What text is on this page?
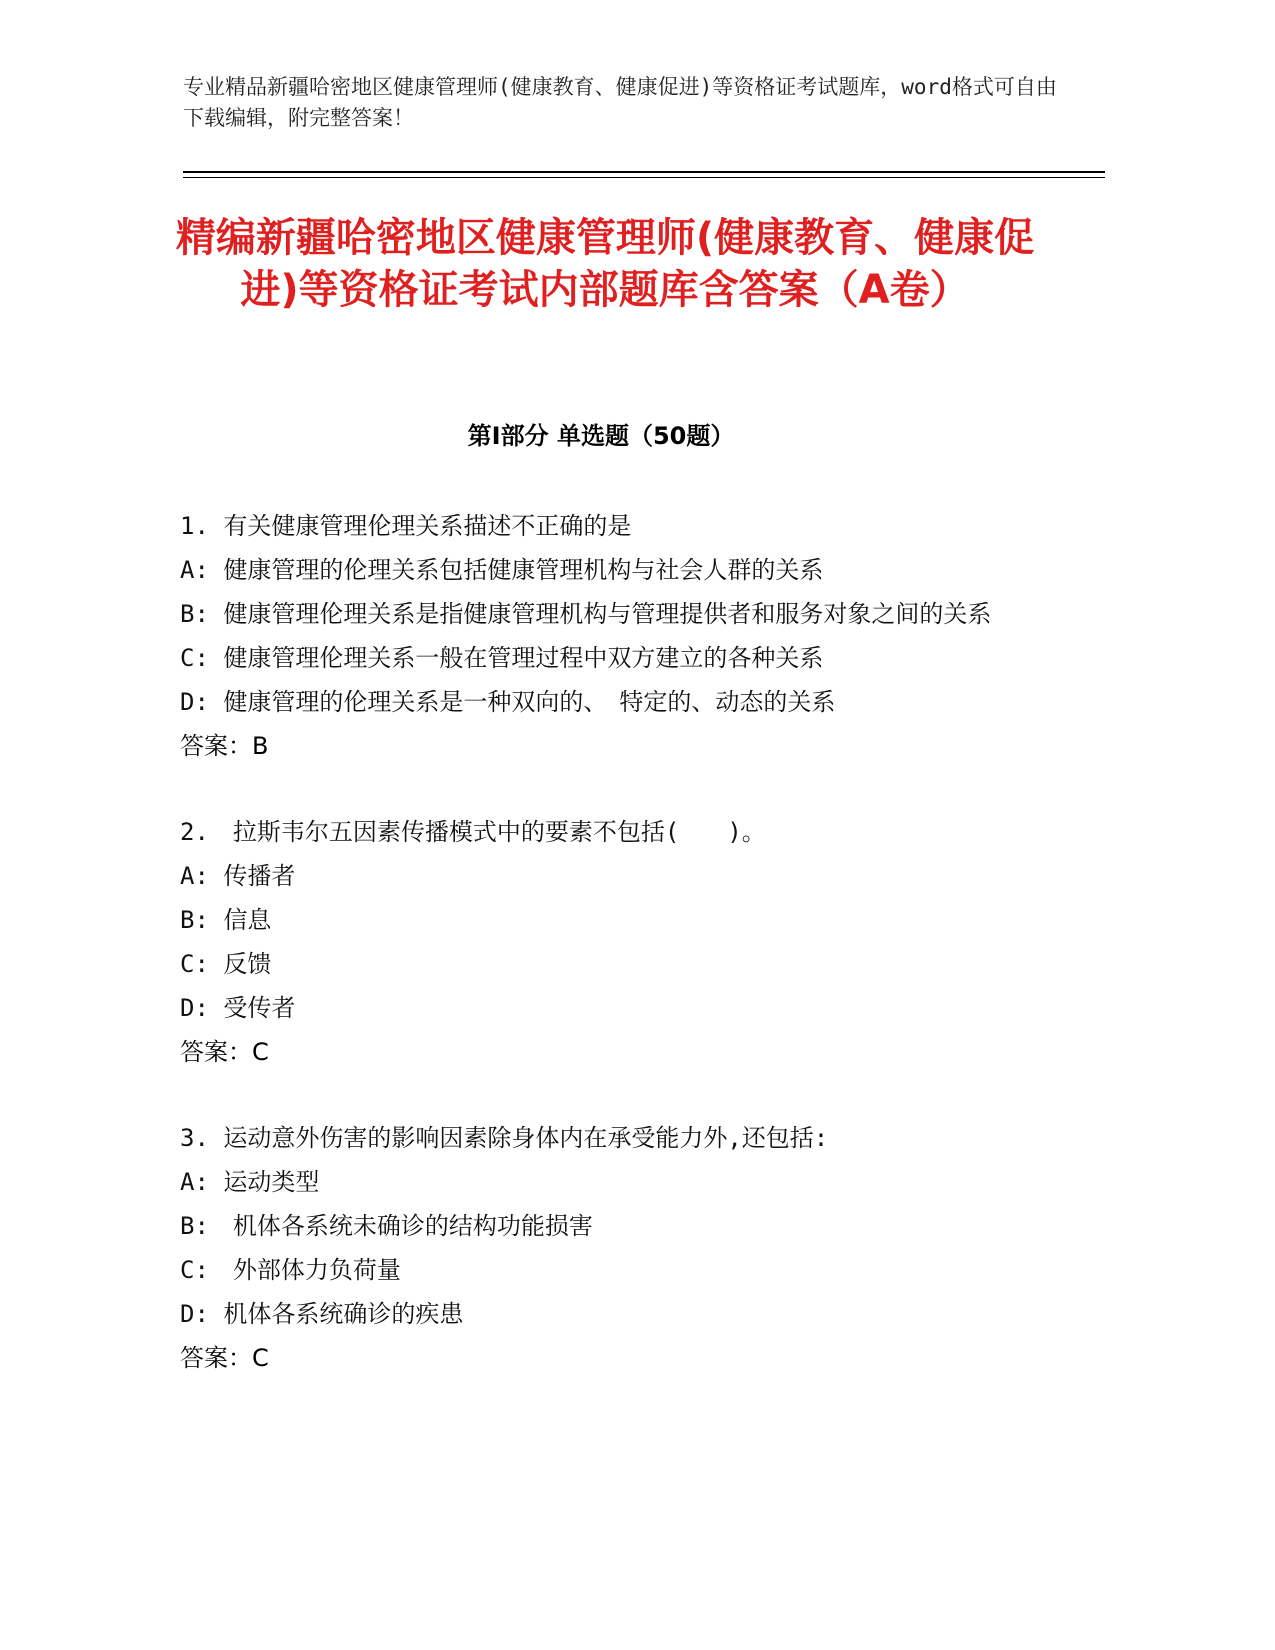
专业精品新疆哈密地区健康管理师(健康教育、健康促进)等资格证考试题库，word格式可自由下载编辑，附完整答案！
精编新疆哈密地区健康管理师(健康教育、健康促进)等资格证考试内部题库含答案（A卷）
第Ⅰ部分 单选题（50题）

1. 有关健康管理伦理关系描述不正确的是

A: 健康管理的伦理关系包括健康管理机构与社会人群的关系

B: 健康管理伦理关系是指健康管理机构与管理提供者和服务对象之间的关系

C: 健康管理伦理关系一般在管理过程中双方建立的各种关系

D: 健康管理的伦理关系是一种双向的、　特定的、动态的关系

答案：B

2.　拉斯韦尔五因素传播模式中的要素不包括(　　)。

A: 传播者

B: 信息

C: 反馈

D: 受传者

答案：C

3. 运动意外伤害的影响因素除身体内在承受能力外,还包括:

A: 运动类型

B:　机体各系统未确诊的结构功能损害

C:　外部体力负荷量

D: 机体各系统确诊的疾患

答案：C
